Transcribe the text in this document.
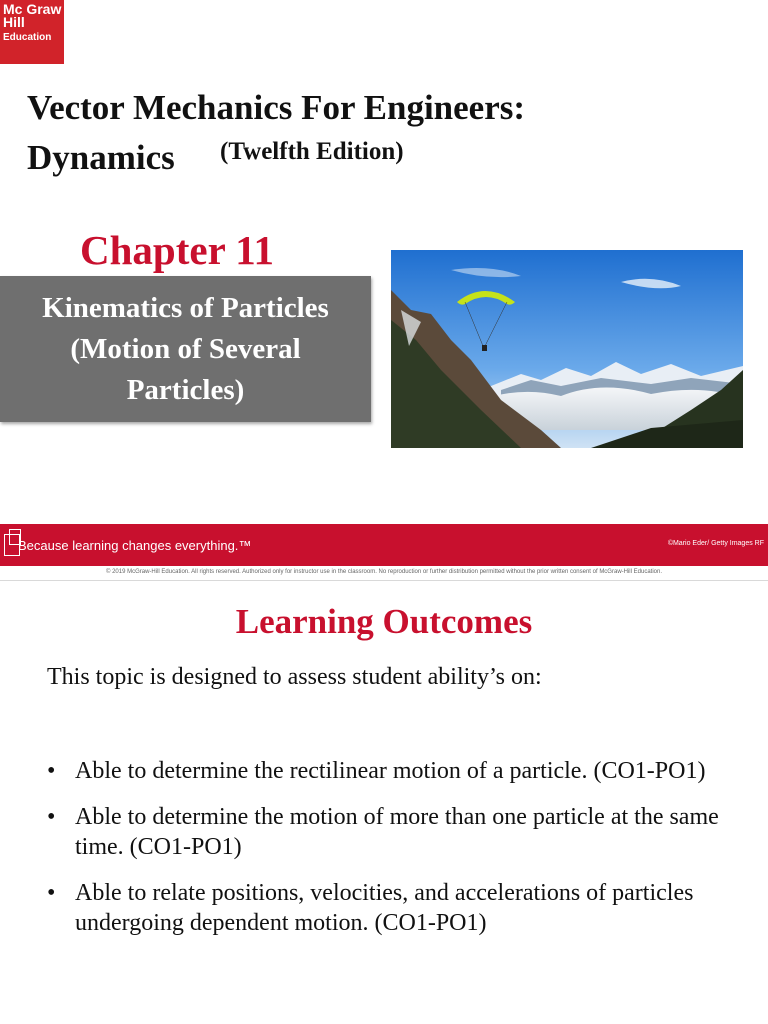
Mc Graw
Hill
Education
Vector Mechanics For Engineers:
Dynamics (Twelfth Edition)
Chapter 11
Kinematics of Particles
(Motion of Several
Particles)
Because learning changes everything.™	©Mario Eder/ Getty Images RF
© 2019 McGraw-Hill Education. All rights reserved. Authorized only for instructor use in the classroom. No reproduction or further distribution permitted without the prior written consent of McGraw-Hill Education.
Learning Outcomes
This topic is designed to assess student ability’s on:
• Able to determine the rectilinear motion of a particle. (CO1-PO1)
• Able to determine the motion of more than one particle at the same time. (CO1-PO1)
• Able to relate positions, velocities, and accelerations of particles undergoing dependent motion. (CO1-PO1)
